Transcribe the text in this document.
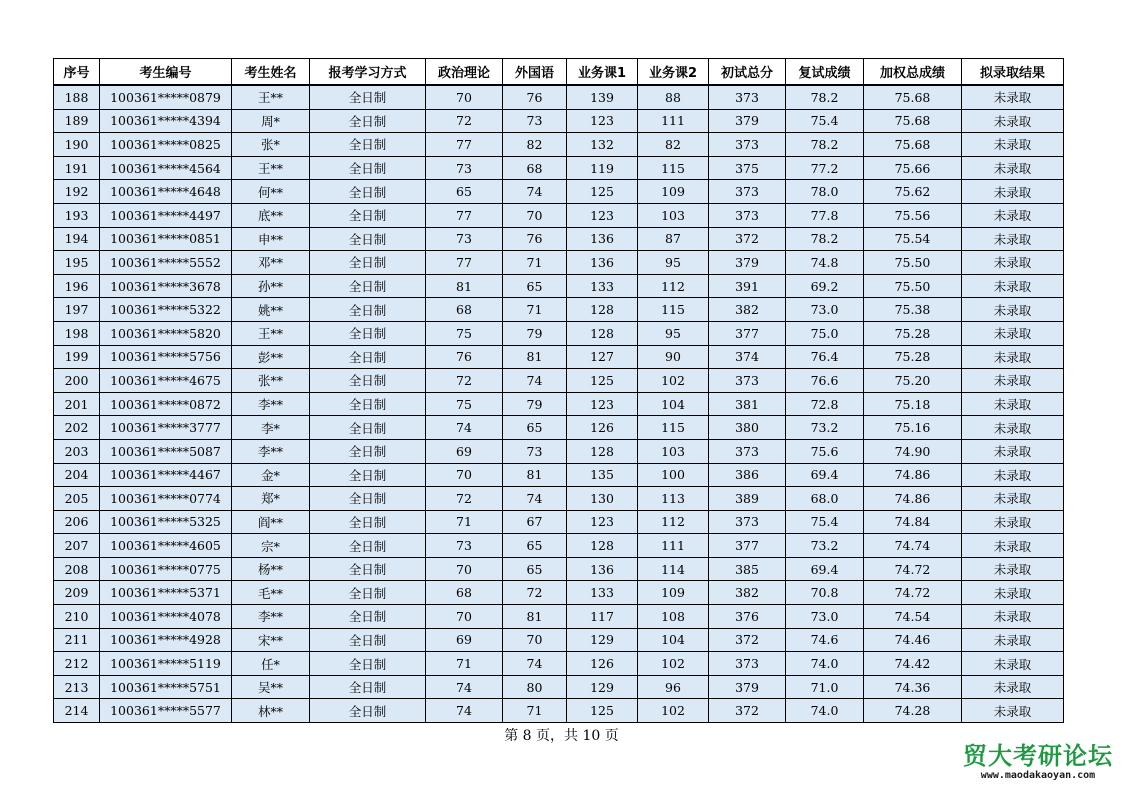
序号	考生编号	考生姓名	报考学习方式	政治理论	外国语	业务课1	业务课2	初试总分	复试成绩	加权总成绩	拟录取结果
188	100361*****0879	王**	全日制	70	76	139	88	373	78.2	75.68	未录取
189	100361*****4394	周*	全日制	72	73	123	111	379	75.4	75.68	未录取
190	100361*****0825	张*	全日制	77	82	132	82	373	78.2	75.68	未录取
191	100361*****4564	王**	全日制	73	68	119	115	375	77.2	75.66	未录取
192	100361*****4648	何**	全日制	65	74	125	109	373	78.0	75.62	未录取
193	100361*****4497	底**	全日制	77	70	123	103	373	77.8	75.56	未录取
194	100361*****0851	申**	全日制	73	76	136	87	372	78.2	75.54	未录取
195	100361*****5552	邓**	全日制	77	71	136	95	379	74.8	75.50	未录取
196	100361*****3678	孙**	全日制	81	65	133	112	391	69.2	75.50	未录取
197	100361*****5322	姚**	全日制	68	71	128	115	382	73.0	75.38	未录取
198	100361*****5820	王**	全日制	75	79	128	95	377	75.0	75.28	未录取
199	100361*****5756	彭**	全日制	76	81	127	90	374	76.4	75.28	未录取
200	100361*****4675	张**	全日制	72	74	125	102	373	76.6	75.20	未录取
201	100361*****0872	李**	全日制	75	79	123	104	381	72.8	75.18	未录取
202	100361*****3777	李*	全日制	74	65	126	115	380	73.2	75.16	未录取
203	100361*****5087	李**	全日制	69	73	128	103	373	75.6	74.90	未录取
204	100361*****4467	金*	全日制	70	81	135	100	386	69.4	74.86	未录取
205	100361*****0774	郑*	全日制	72	74	130	113	389	68.0	74.86	未录取
206	100361*****5325	阎**	全日制	71	67	123	112	373	75.4	74.84	未录取
207	100361*****4605	宗*	全日制	73	65	128	111	377	73.2	74.74	未录取
208	100361*****0775	杨**	全日制	70	65	136	114	385	69.4	74.72	未录取
209	100361*****5371	毛**	全日制	68	72	133	109	382	70.8	74.72	未录取
210	100361*****4078	李**	全日制	70	81	117	108	376	73.0	74.54	未录取
211	100361*****4928	宋**	全日制	69	70	129	104	372	74.6	74.46	未录取
212	100361*****5119	任*	全日制	71	74	126	102	373	74.0	74.42	未录取
213	100361*****5751	吴**	全日制	74	80	129	96	379	71.0	74.36	未录取
214	100361*****5577	林**	全日制	74	71	125	102	372	74.0	74.28	未录取
第 8 页，共 10 页
贸大考研论坛
www.maodakaoyan.com
